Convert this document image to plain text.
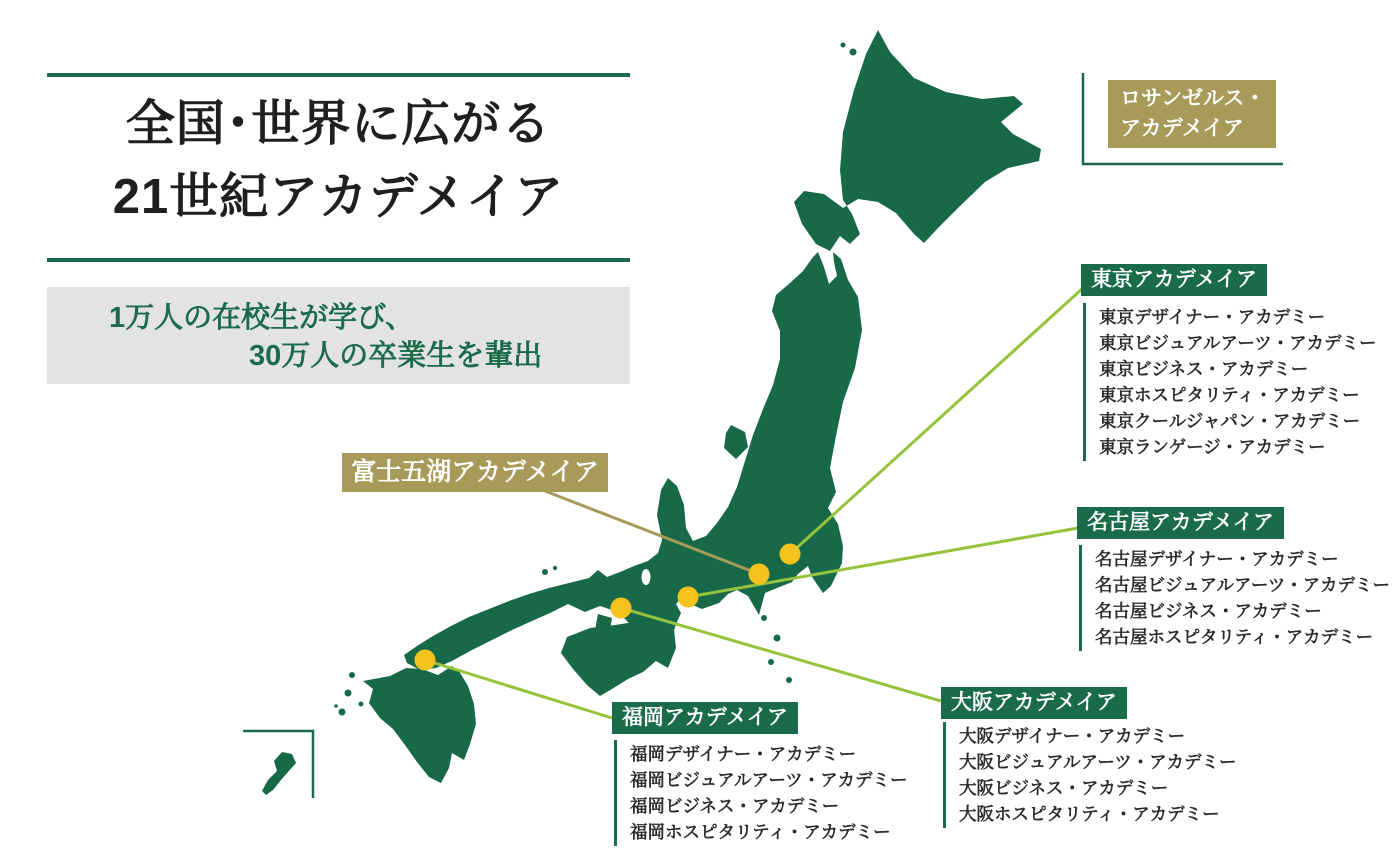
全国･世界に広がる
21世紀アカデメイア
1万人の在校生が学び、
30万人の卒業生を輩出
ロサンゼルス・
アカデメイア
富士五湖アカデメイア
東京アカデメイア
東京デザイナー・アカデミー
東京ビジュアルアーツ・アカデミー
東京ビジネス・アカデミー
東京ホスピタリティ・アカデミー
東京クールジャパン・アカデミー
東京ランゲージ・アカデミー
名古屋アカデメイア
名古屋デザイナー・アカデミー
名古屋ビジュアルアーツ・アカデミー
名古屋ビジネス・アカデミー
名古屋ホスピタリティ・アカデミー
大阪アカデメイア
大阪デザイナー・アカデミー
大阪ビジュアルアーツ・アカデミー
大阪ビジネス・アカデミー
大阪ホスピタリティ・アカデミー
福岡アカデメイア
福岡デザイナー・アカデミー
福岡ビジュアルアーツ・アカデミー
福岡ビジネス・アカデミー
福岡ホスピタリティ・アカデミー
